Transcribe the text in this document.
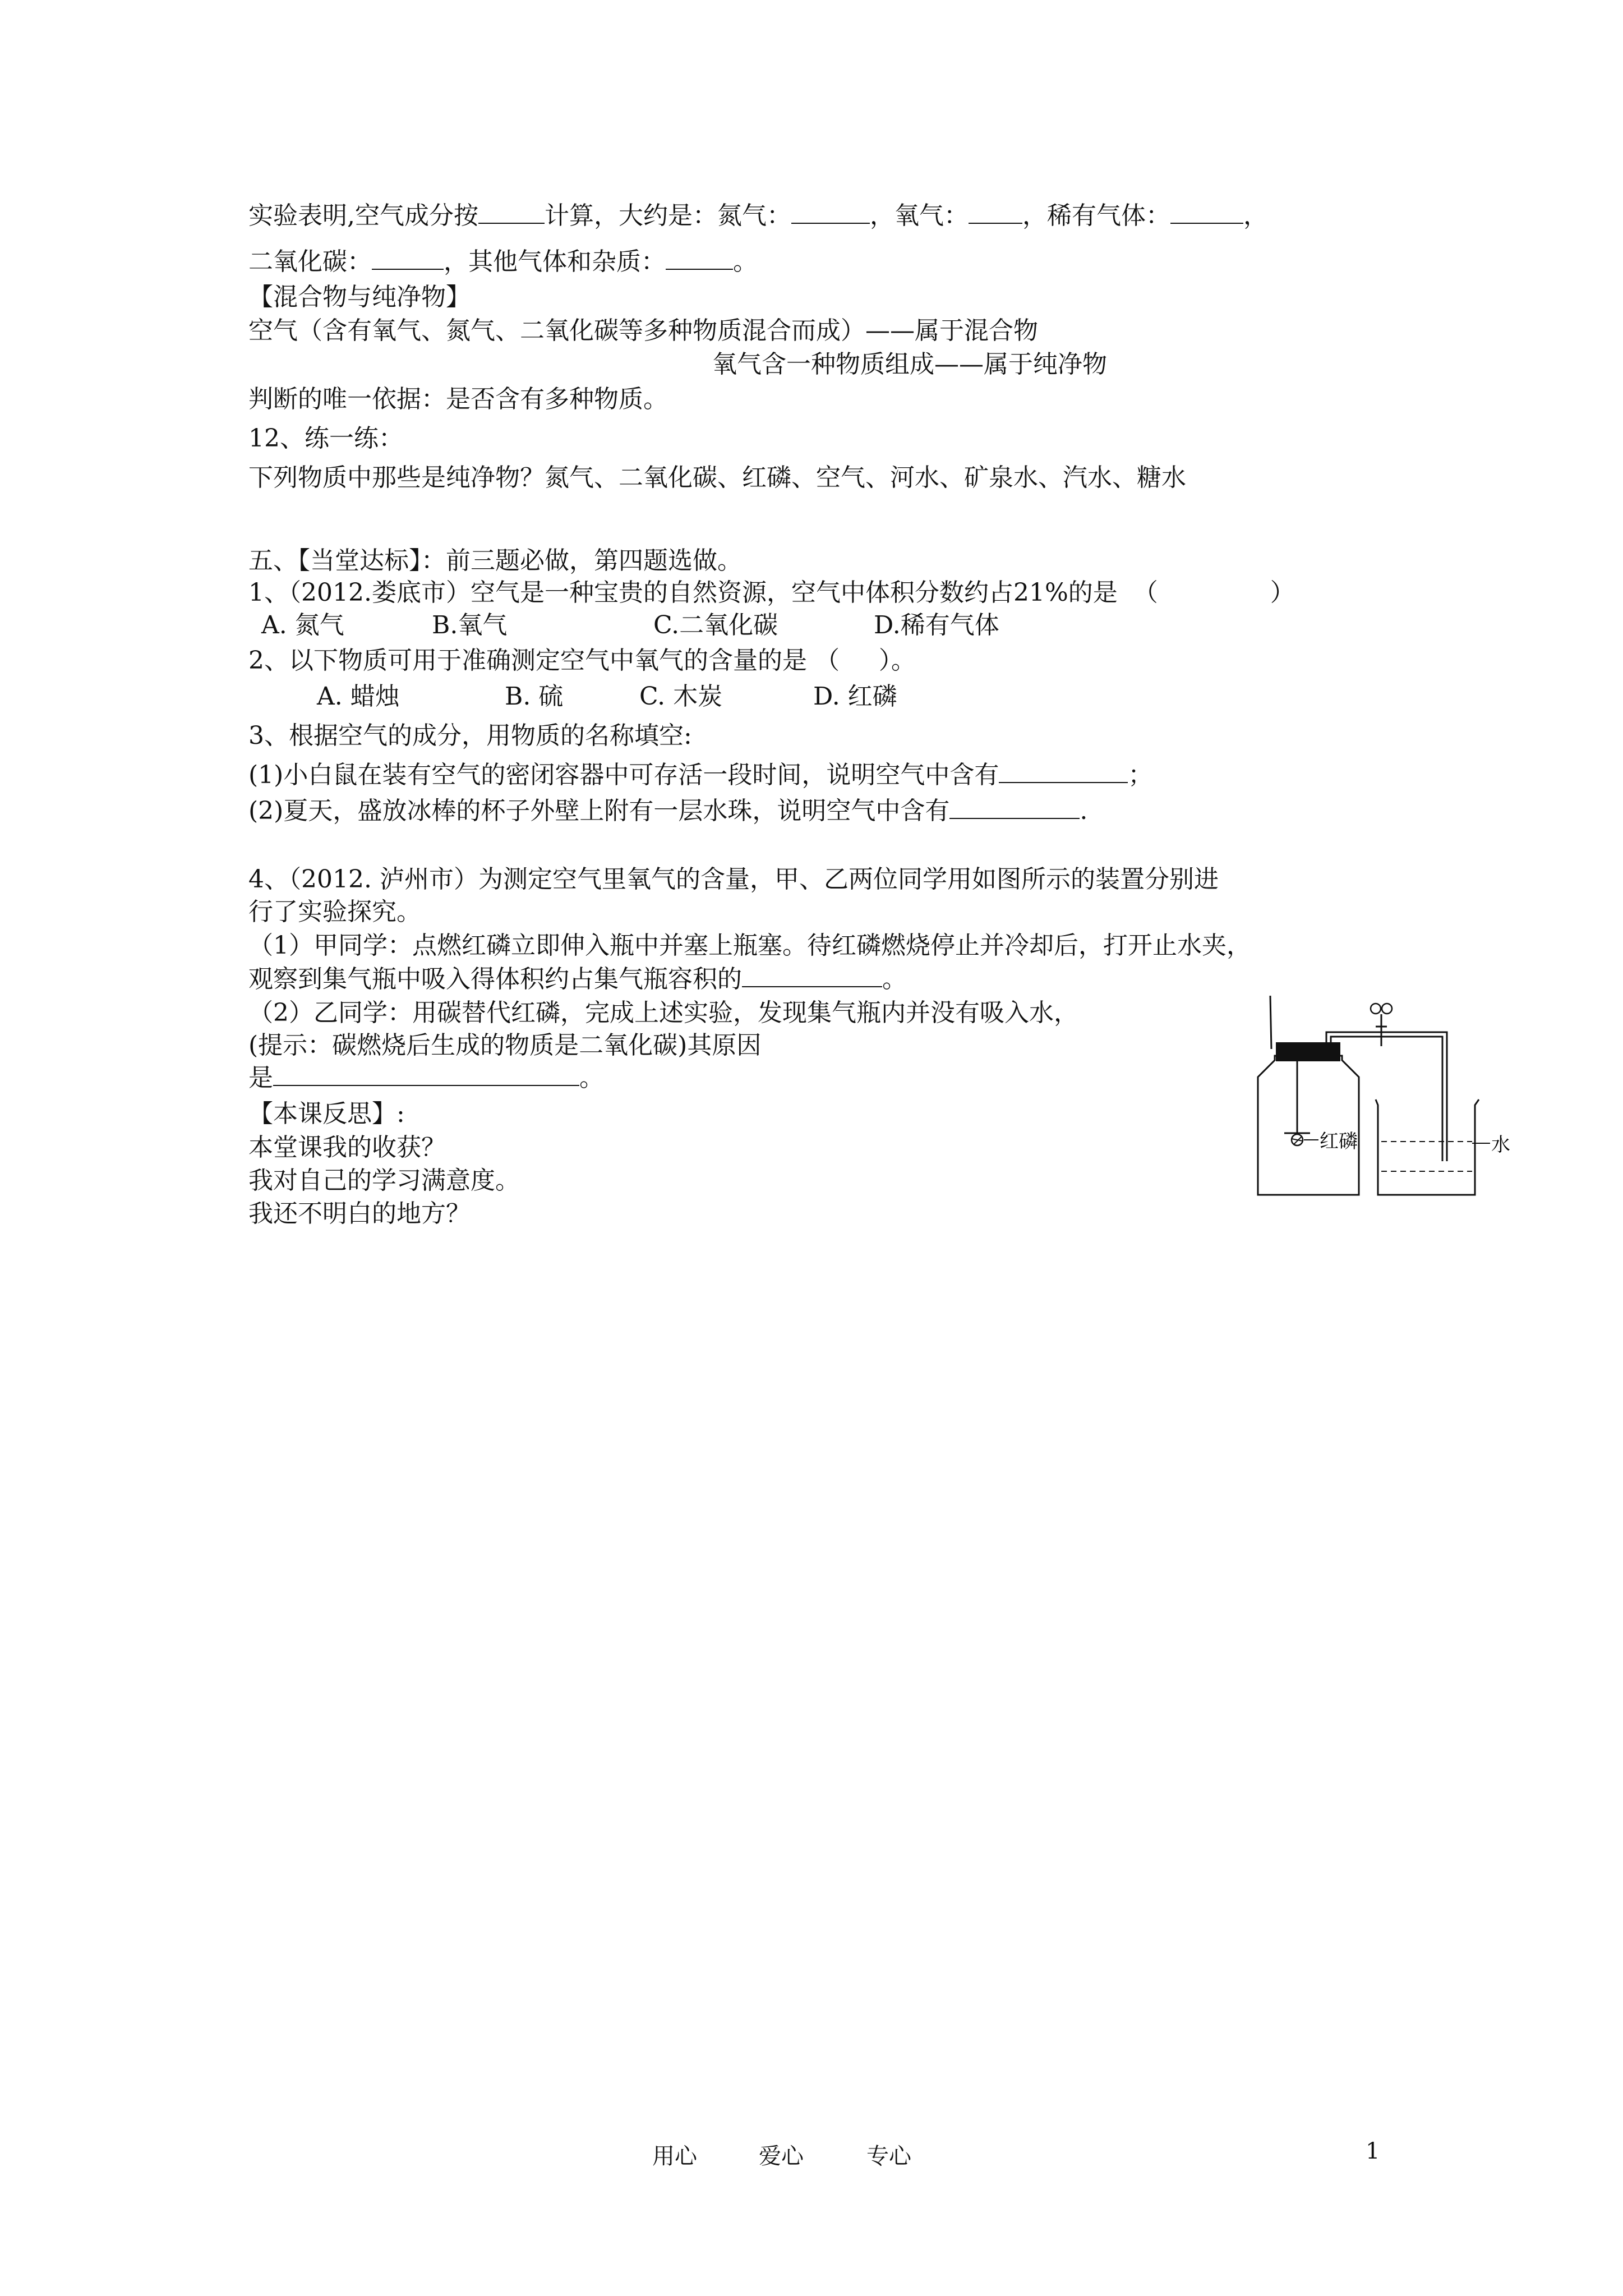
实验表明,空气成分按	计算，大约是：氮气：	，氧气： ，稀有气体：	，
二氧化碳：	，其他气体和杂质：	。
【混合物与纯净物】
空气（含有氧气、氮气、二氧化碳等多种物质混合而成）——属于混合物
氧气含一种物质组成——属于纯净物
判断的唯一依据：是否含有多种物质。
12、练一练：
下列物质中那些是纯净物？氮气、二氧化碳、红磷、空气、河水、矿泉水、汽水、糖水
五、【当堂达标】：前三题必做，第四题选做。
1、（2012.娄底市）空气是一种宝贵的自然资源，空气中体积分数约占21%的是  （	）
A. 氮气	B.氧气	C.二氧化碳	D.稀有气体
2、以下物质可用于准确测定空气中氧气的含量的是 （     ）。
A. 蜡烛	B. 硫	C. 木炭	D. 红磷
3、根据空气的成分，用物质的名称填空:
(1)小白鼠在装有空气的密闭容器中可存活一段时间，说明空气中含有	；
(2)夏天，盛放冰棒的杯子外壁上附有一层水珠，说明空气中含有	.
4、（2012. 泸州市）为测定空气里氧气的含量，甲、乙两位同学用如图所示的装置分别进
行了实验探究。
（1）甲同学：点燃红磷立即伸入瓶中并塞上瓶塞。待红磷燃烧停止并冷却后，打开止水夹，
观察到集气瓶中吸入得体积约占集气瓶容积的	。
（2）乙同学：用碳替代红磷，完成上述实验，发现集气瓶内并没有吸入水，
(提示：碳燃烧后生成的物质是二氧化碳)其原因
是	。
【本课反思】:
本堂课我的收获？
我对自己的学习满意度。
我还不明白的地方？
红磷	水
用心	爱心	专心	1
